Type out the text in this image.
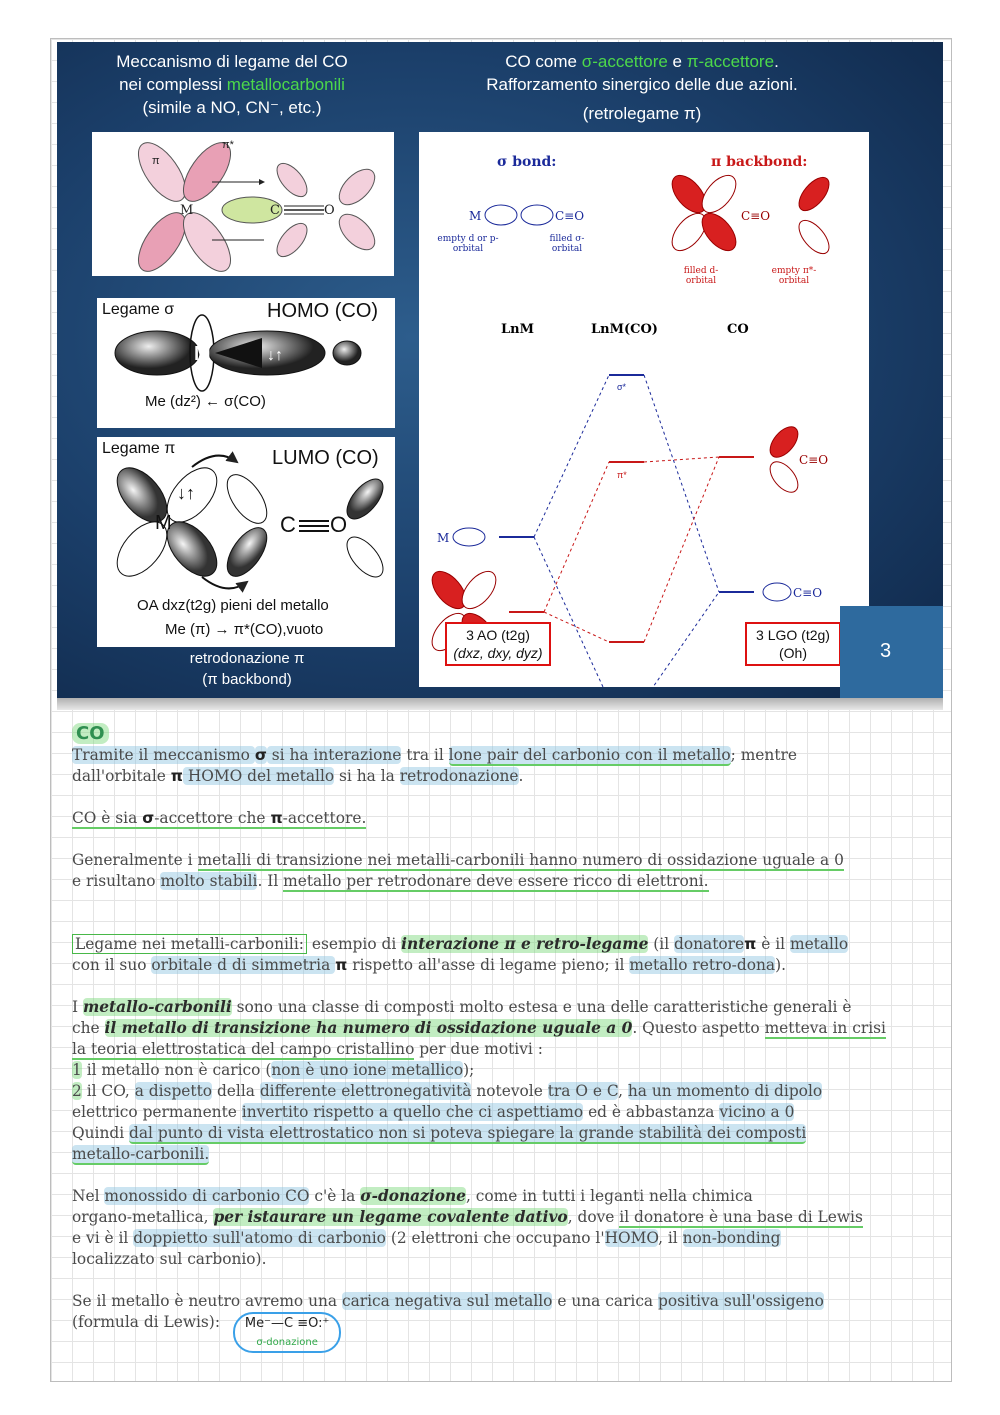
Meccanismo di legame del CO
nei complessi metallocarbonili
(simile a NO, CN⁻, etc.)
CO come σ-accettore e π-accettore.
Rafforzamento sinergico delle due azioni.
(retrolegame π)
M	C	O
π
π*
Legame σ	HOMO (CO)
M	↓↑
Me (dz²) ← σ(CO)
Legame π	LUMO (CO)
M
↓↑
C O
OA dxz(t2g) pieni del metallo
Me (π) → π*(CO),vuoto
retrodonazione π
(π backbond)
σ bond:	π backbond:
empty d or p-orbital
filled σ-orbital
filled d-orbital
empty π*-orbital
LnM	LnM(CO)	CO
M	C≡O	C≡O
σ*
π*
M
C≡O
C≡O
3 AO (t2g)
(dxz, dxy, dyz)
3 LGO (t2g)
(Oh)	3

CO

Tramite il meccanismo σ si ha interazione tra il lone pair del carbonio con il metallo; mentre
dall'orbitale π HOMO del metallo si ha la retrodonazione.

CO è sia σ-accettore che π-accettore.

Generalmente i metalli di transizione nei metalli-carbonili hanno numero di ossidazione uguale a 0
e risultano molto stabili. Il metallo per retrodonare deve essere ricco di elettroni.

Legame nei metalli-carbonili: esempio di interazione π e retro-legame (il donatoreπ è il metallo
con il suo orbitale d di simmetria π rispetto all'asse di legame pieno; il metallo retro-dona).

I metallo-carbonili sono una classe di composti molto estesa e una delle caratteristiche generali è
che il metallo di transizione ha numero di ossidazione uguale a 0. Questo aspetto metteva in crisi
la teoria elettrostatica del campo cristallino per due motivi :
1 il metallo non è carico (non è uno ione metallico);
2 il CO, a dispetto della differente elettronegatività notevole tra O e C, ha un momento di dipolo
elettrico permanente invertito rispetto a quello che ci aspettiamo ed è abbastanza vicino a 0
Quindi dal punto di vista elettrostatico non si poteva spiegare la grande stabilità dei composti
metallo-carbonili.

Nel monossido di carbonio CO c'è la σ-donazione, come in tutti i leganti nella chimica
organo-metallica, per istaurare un legame covalente dativo, dove il donatore è una base di Lewis
e vi è il doppietto sull'atomo di carbonio (2 elettroni che occupano l'HOMO, il non-bonding
localizzato sul carbonio).

Se il metallo è neutro avremo una carica negativa sul metallo e una carica positiva sull'ossigeno
(formula di Lewis): Me⁻—C ≡O:⁺
σ-donazione
